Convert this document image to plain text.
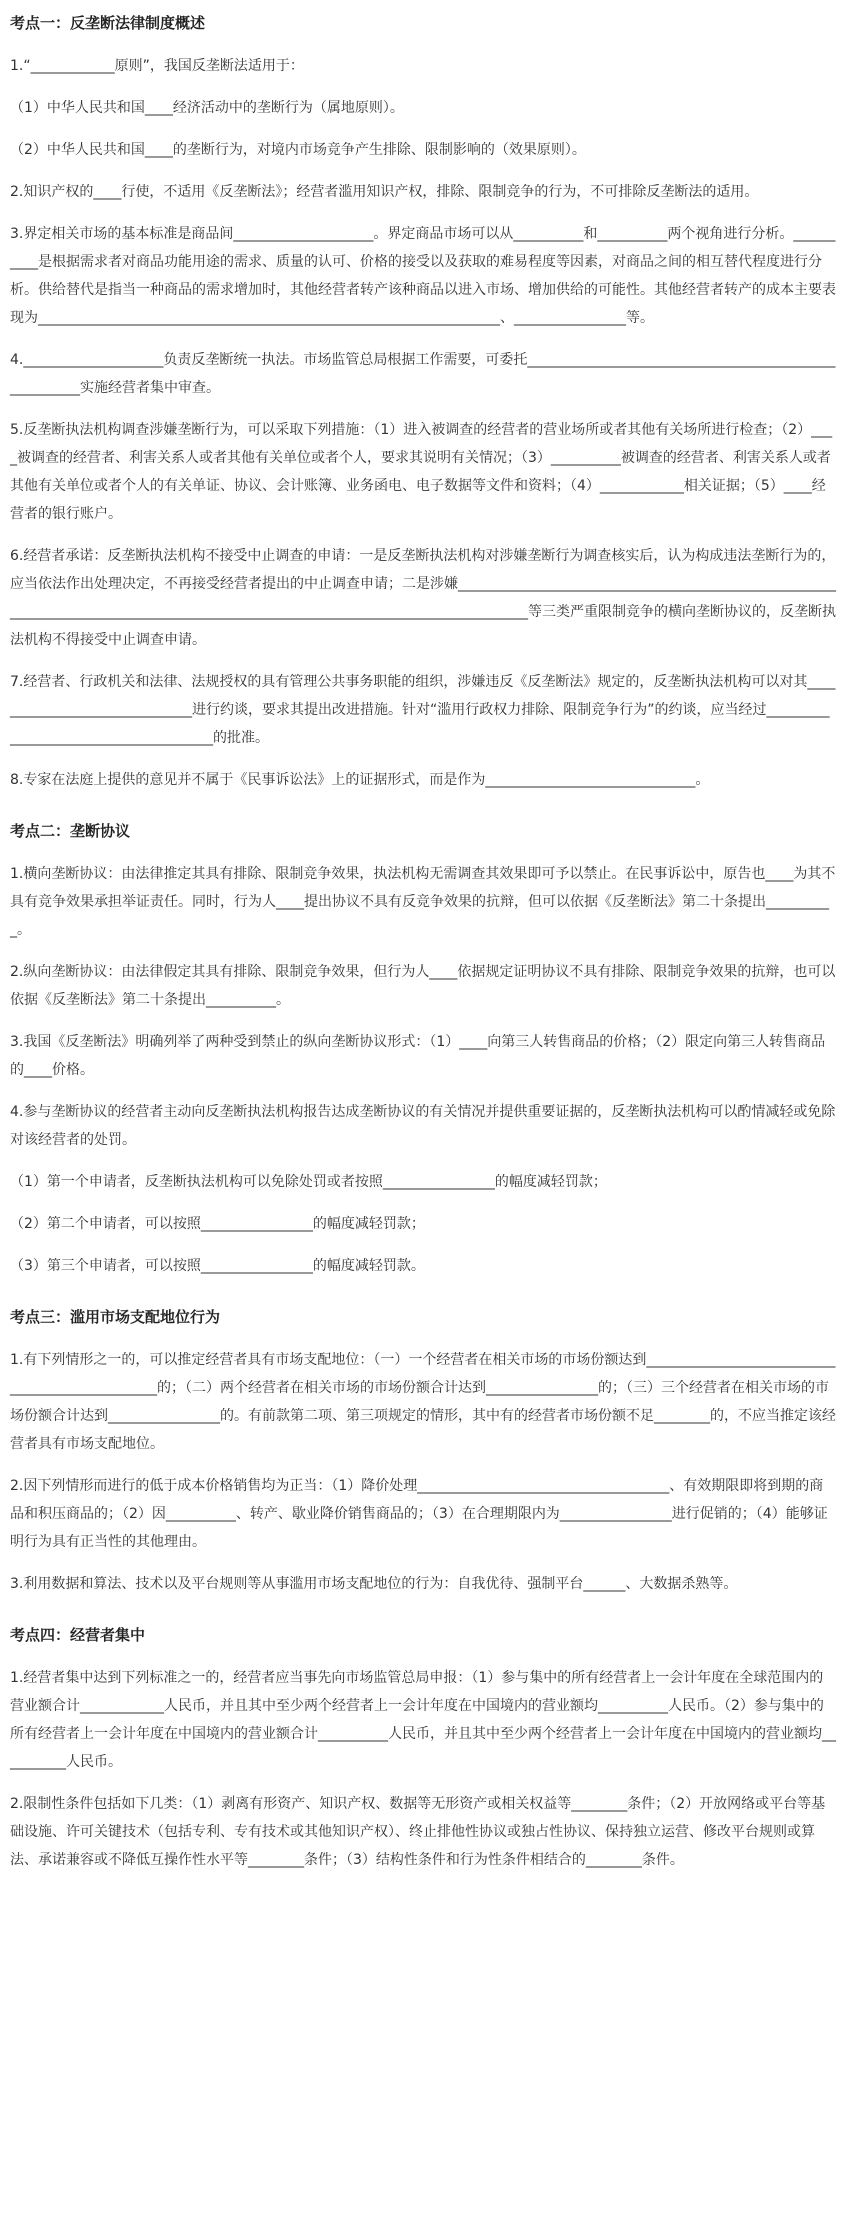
考点一：反垄断法律制度概述

1.“____________原则”，我国反垄断法适用于：

（1）中华人民共和国____经济活动中的垄断行为（属地原则）。

（2）中华人民共和国____的垄断行为，对境内市场竞争产生排除、限制影响的（效果原则）。

2.知识产权的____行使，不适用《反垄断法》；经营者滥用知识产权，排除、限制竞争的行为，不可排除反垄断法的适用。

3.界定相关市场的基本标准是商品间____________________。界定商品市场可以从__________和__________两个视角进行分析。__________是根据需求者对商品功能用途的需求、质量的认可、价格的接受以及获取的难易程度等因素，对商品之间的相互替代程度进行分析。供给替代是指当一种商品的需求增加时，其他经营者转产该种商品以进入市场、增加供给的可能性。其他经营者转产的成本主要表现为__________________________________________________________________、________________等。

4.____________________负责反垄断统一执法。市场监管总局根据工作需要，可委托______________________________________________________实施经营者集中审查。

5.反垄断执法机构调查涉嫌垄断行为，可以采取下列措施：（1）进入被调查的经营者的营业场所或者其他有关场所进行检查；（2）____被调查的经营者、利害关系人或者其他有关单位或者个人，要求其说明有关情况；（3）__________被调查的经营者、利害关系人或者其他有关单位或者个人的有关单证、协议、会计账簿、业务函电、电子数据等文件和资料；（4）____________相关证据；（5）____经营者的银行账户。

6.经营者承诺：反垄断执法机构不接受中止调查的申请：一是反垄断执法机构对涉嫌垄断行为调查核实后，认为构成违法垄断行为的，应当依法作出处理决定，不再接受经营者提出的中止调查申请；二是涉嫌________________________________________________________________________________________________________________________________等三类严重限制竞争的横向垄断协议的，反垄断执法机构不得接受中止调查申请。

7.经营者、行政机关和法律、法规授权的具有管理公共事务职能的组织，涉嫌违反《反垄断法》规定的，反垄断执法机构可以对其______________________________进行约谈，要求其提出改进措施。针对“滥用行政权力排除、限制竞争行为”的约谈，应当经过______________________________________的批准。

8.专家在法庭上提供的意见并不属于《民事诉讼法》上的证据形式，而是作为______________________________。

考点二：垄断协议

1.横向垄断协议：由法律推定其具有排除、限制竞争效果，执法机构无需调查其效果即可予以禁止。在民事诉讼中，原告也____为其不具有竞争效果承担举证责任。同时，行为人____提出协议不具有反竞争效果的抗辩，但可以依据《反垄断法》第二十条提出__________。

2.纵向垄断协议：由法律假定其具有排除、限制竞争效果，但行为人____依据规定证明协议不具有排除、限制竞争效果的抗辩，也可以依据《反垄断法》第二十条提出__________。

3.我国《反垄断法》明确列举了两种受到禁止的纵向垄断协议形式：（1）____向第三人转售商品的价格；（2）限定向第三人转售商品的____价格。

4.参与垄断协议的经营者主动向反垄断执法机构报告达成垄断协议的有关情况并提供重要证据的，反垄断执法机构可以酌情减轻或免除对该经营者的处罚。

（1）第一个申请者，反垄断执法机构可以免除处罚或者按照________________的幅度减轻罚款；

（2）第二个申请者，可以按照________________的幅度减轻罚款；

（3）第三个申请者，可以按照________________的幅度减轻罚款。

考点三：滥用市场支配地位行为

1.有下列情形之一的，可以推定经营者具有市场支配地位：（一）一个经营者在相关市场的市场份额达到________________________________________________的；（二）两个经营者在相关市场的市场份额合计达到________________的；（三）三个经营者在相关市场的市场份额合计达到________________的。有前款第二项、第三项规定的情形，其中有的经营者市场份额不足________的，不应当推定该经营者具有市场支配地位。

2.因下列情形而进行的低于成本价格销售均为正当：（1）降价处理____________________________________、有效期限即将到期的商品和积压商品的；（2）因__________、转产、歇业降价销售商品的；（3）在合理期限内为________________进行促销的；（4）能够证明行为具有正当性的其他理由。

3.利用数据和算法、技术以及平台规则等从事滥用市场支配地位的行为：自我优待、强制平台______、大数据杀熟等。

考点四：经营者集中

1.经营者集中达到下列标准之一的，经营者应当事先向市场监管总局申报：（1）参与集中的所有经营者上一会计年度在全球范围内的营业额合计____________人民币，并且其中至少两个经营者上一会计年度在中国境内的营业额均__________人民币。（2）参与集中的所有经营者上一会计年度在中国境内的营业额合计__________人民币，并且其中至少两个经营者上一会计年度在中国境内的营业额均__________人民币。

2.限制性条件包括如下几类：（1）剥离有形资产、知识产权、数据等无形资产或相关权益等________条件；（2）开放网络或平台等基础设施、许可关键技术（包括专利、专有技术或其他知识产权）、终止排他性协议或独占性协议、保持独立运营、修改平台规则或算法、承诺兼容或不降低互操作性水平等________条件；（3）结构性条件和行为性条件相结合的________条件。
